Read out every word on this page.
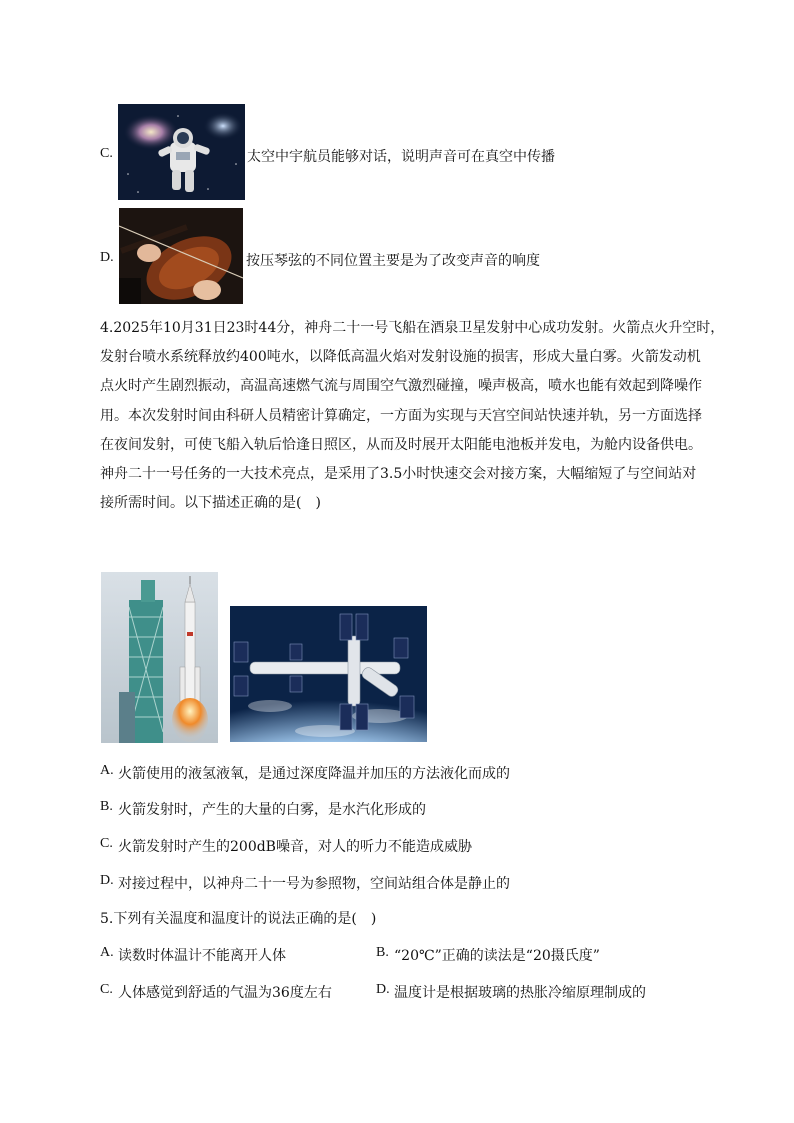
C.	太空中宇航员能够对话，说明声音可在真空中传播
D.	按压琴弦的不同位置主要是为了改变声音的响度
4.2025年10月31日23时44分，神舟二十一号飞船在酒泉卫星发射中心成功发射。火箭点火升空时，
发射台喷水系统释放约400吨水，以降低高温火焰对发射设施的损害，形成大量白雾。火箭发动机
点火时产生剧烈振动，高温高速燃气流与周围空气激烈碰撞，噪声极高，喷水也能有效起到降噪作
用。本次发射时间由科研人员精密计算确定，一方面为实现与天宫空间站快速并轨，另一方面选择
在夜间发射，可使飞船入轨后恰逢日照区，从而及时展开太阳能电池板并发电，为舱内设备供电。
神舟二十一号任务的一大技术亮点，是采用了3.5小时快速交会对接方案，大幅缩短了与空间站对
接所需时间。以下描述正确的是(　)
A. 火箭使用的液氢液氧，是通过深度降温并加压的方法液化而成的
B. 火箭发射时，产生的大量的白雾，是水汽化形成的
C. 火箭发射时产生的200dB噪音，对人的听力不能造成威胁
D. 对接过程中，以神舟二十一号为参照物，空间站组合体是静止的
5.下列有关温度和温度计的说法正确的是(　)
A. 读数时体温计不能离开人体	B. “20℃”正确的读法是“20摄氏度”
C. 人体感觉到舒适的气温为36度左右	D. 温度计是根据玻璃的热胀冷缩原理制成的
